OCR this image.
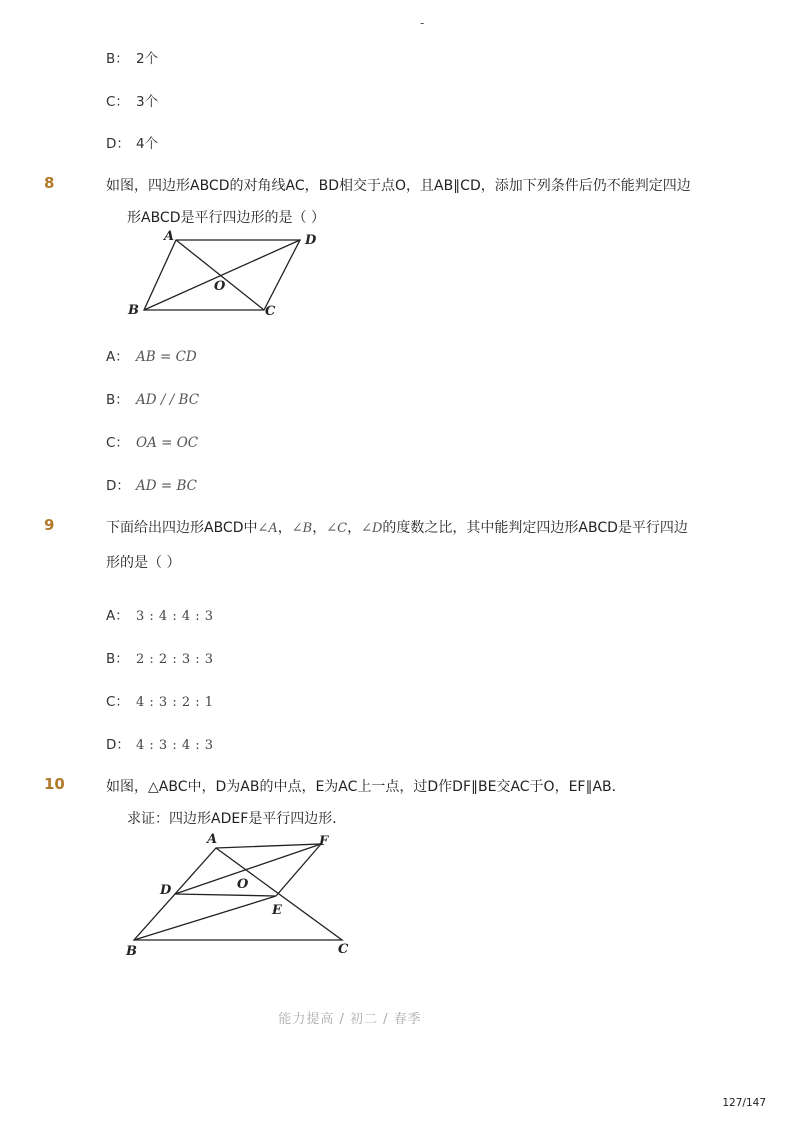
-
B： 2个
C： 3个
D： 4个
8	如图，四边形ABCD的对角线AC，BD相交于点O，且AB∥CD，添加下列条件后仍不能判定四边
形ABCD是平行四边形的是（ ）
A	D
B	C
O
A： AB = CD
B： AD / / BC
C： OA = OC
D： AD = BC
9	下面给出四边形ABCD中∠A，∠B，∠C，∠D的度数之比，其中能判定四边形ABCD是平行四边
形的是（ ）
A： 3 : 4 : 4 : 3
B： 2 : 2 : 3 : 3
C： 4 : 3 : 2 : 1
D： 4 : 3 : 4 : 3
10	如图，△ABC中，D为AB的中点，E为AC上一点，过D作DF∥BE交AC于O，EF∥AB．
求证：四边形ADEF是平行四边形．
A	F
D	O
E
B	C
能力提高 / 初二 / 春季
127/147
